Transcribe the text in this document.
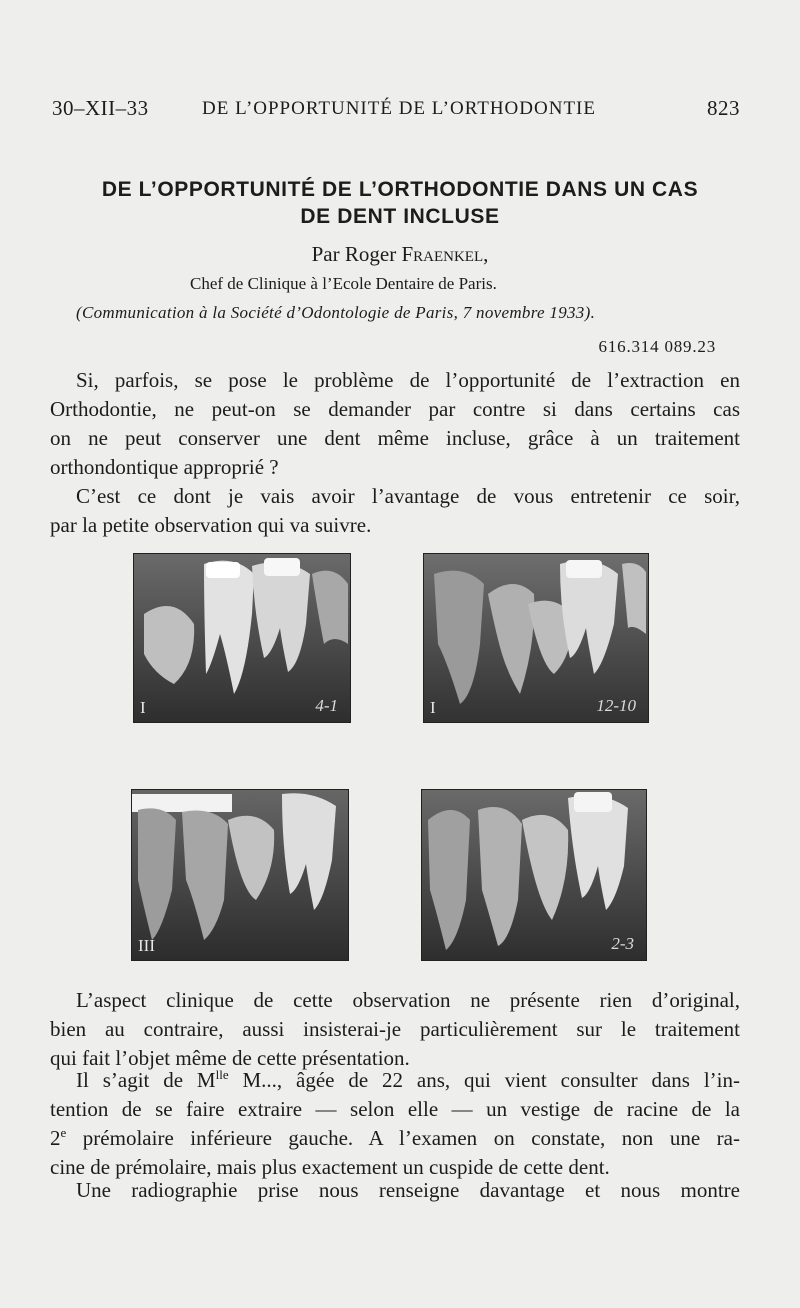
30–XII–33	DE L’OPPORTUNITÉ DE L’ORTHODONTIE	823
DE L’OPPORTUNITÉ DE L’ORTHODONTIE DANS UN CAS
DE DENT INCLUSE
Par Roger Fraenkel,
Chef de Clinique à l’Ecole Dentaire de Paris.
(Communication à la Société d’Odontologie de Paris, 7 novembre 1933).
616.314 089.23
Si, parfois, se pose le problème de l’opportunité de l’extraction en
Orthodontie, ne peut-on se demander par contre si dans certains cas
on ne peut conserver une dent même incluse, grâce à un traitement
orthondontique approprié ?
C’est ce dont je vais avoir l’avantage de vous entretenir ce soir,
par la petite observation qui va suivre.
I	4-1	I	12-10
III	2-3
L’aspect clinique de cette observation ne présente rien d’original,
bien au contraire, aussi insisterai-je particulièrement sur le traitement
qui fait l’objet même de cette présentation.
Il s’agit de $M^{lle}$ M..., âgée de 22 ans, qui vient consulter dans l’in-
tention de se faire extraire — selon elle — un vestige de racine de la
2e prémolaire inférieure gauche. A l’examen on constate, non une ra-
cine de prémolaire, mais plus exactement un cuspide de cette dent.
Une radiographie prise nous renseigne davantage et nous montre
